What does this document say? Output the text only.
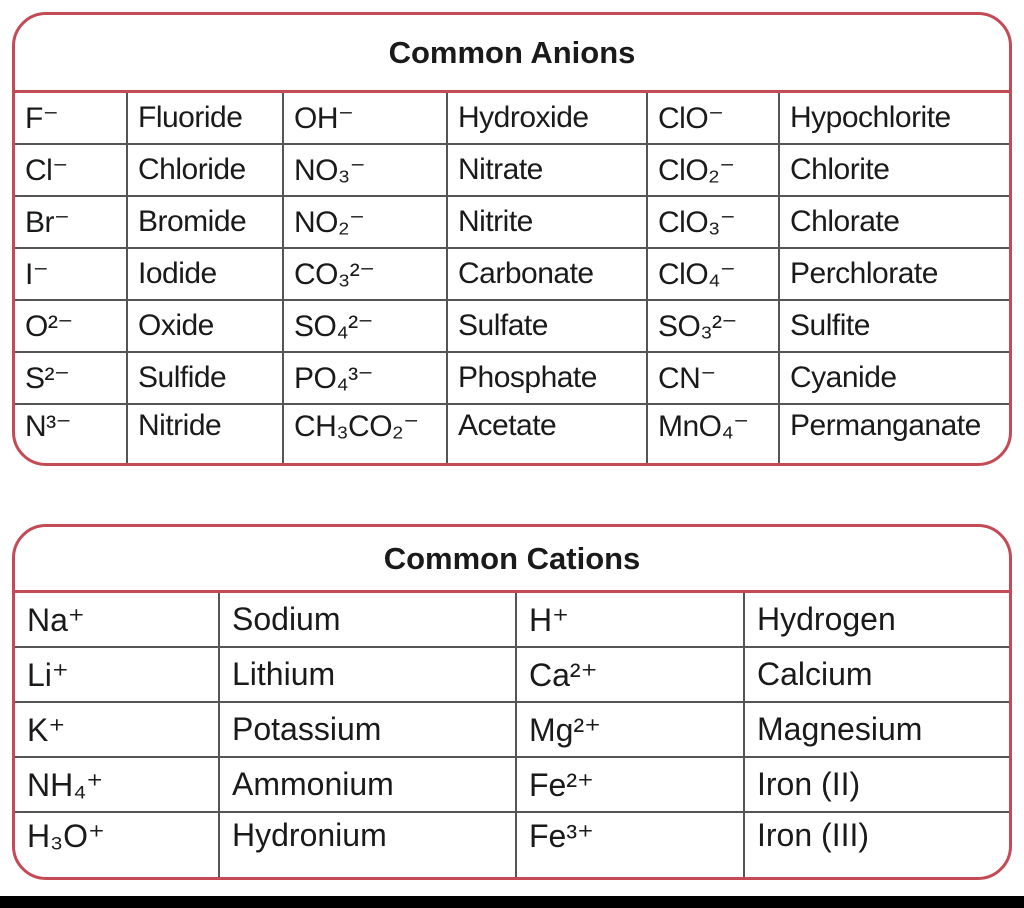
Common Anions
F⁻	Fluoride	OH⁻	Hydroxide	ClO⁻	Hypochlorite
Cl⁻	Chloride	NO₃⁻	Nitrate	ClO₂⁻	Chlorite
Br⁻	Bromide	NO₂⁻	Nitrite	ClO₃⁻	Chlorate
I⁻	Iodide	CO₃²⁻	Carbonate	ClO₄⁻	Perchlorate
O²⁻	Oxide	SO₄²⁻	Sulfate	SO₃²⁻	Sulfite
S²⁻	Sulfide	PO₄³⁻	Phosphate	CN⁻	Cyanide
N³⁻	Nitride	CH₃CO₂⁻	Acetate	MnO₄⁻	Permanganate
Common Cations
Na⁺	Sodium	H⁺	Hydrogen
Li⁺	Lithium	Ca²⁺	Calcium
K⁺	Potassium	Mg²⁺	Magnesium
NH₄⁺	Ammonium	Fe²⁺	Iron (II)
H₃O⁺	Hydronium	Fe³⁺	Iron (III)
